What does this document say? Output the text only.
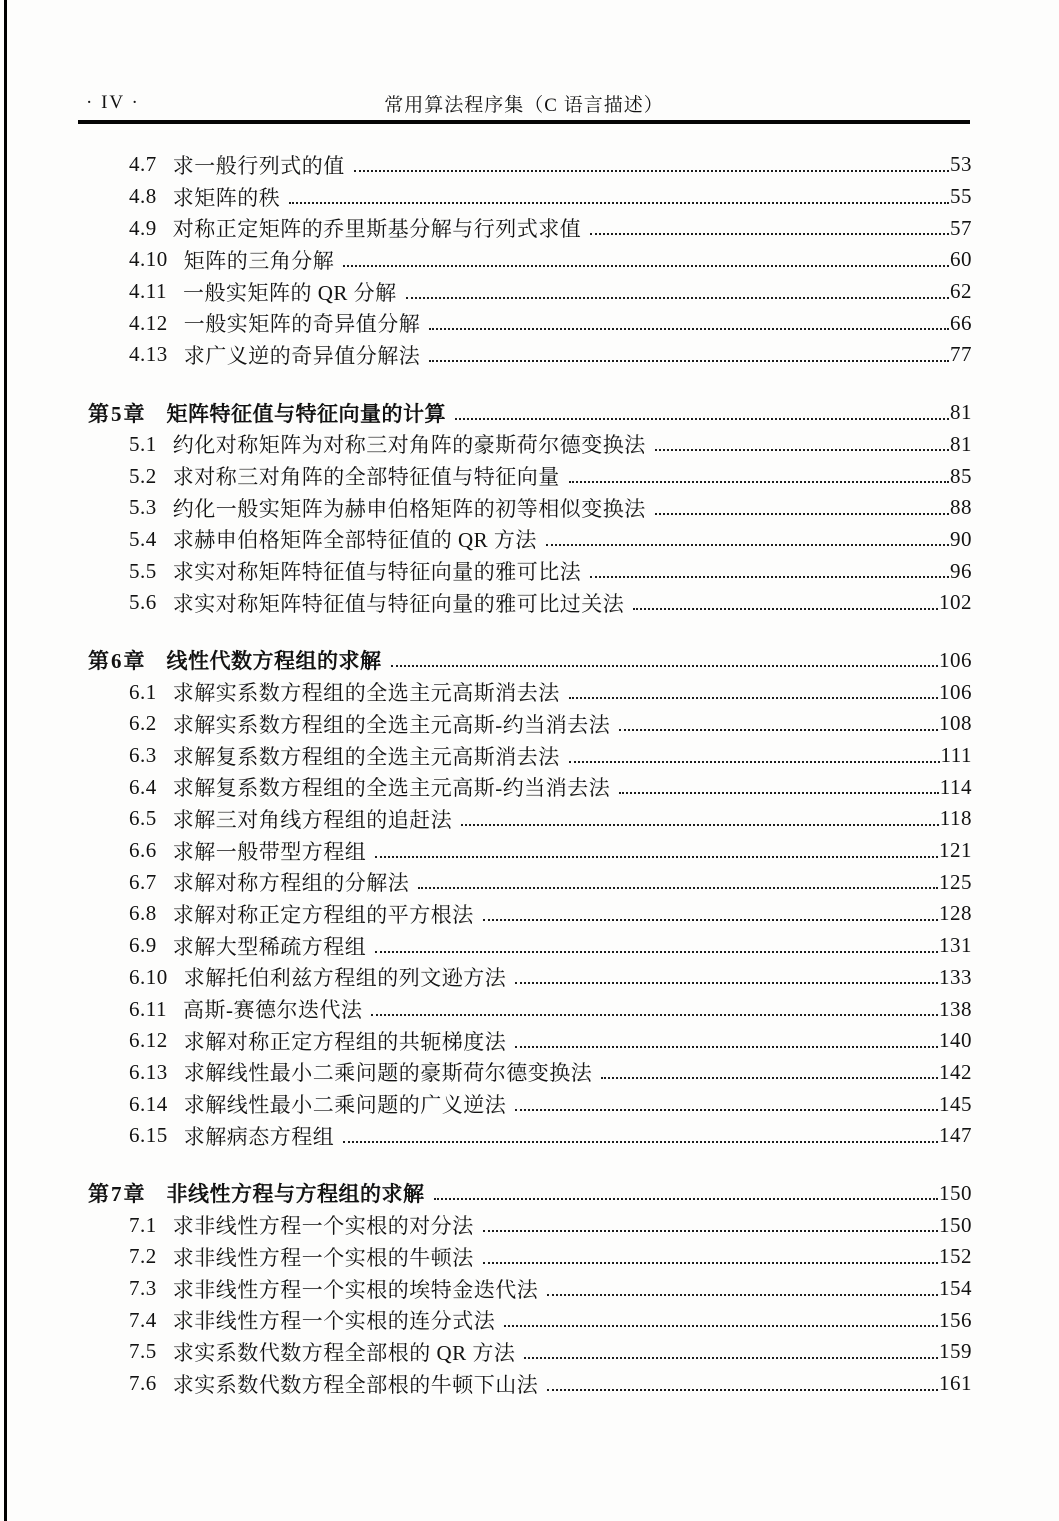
· IV ·	常用算法程序集（C 语言描述）
4.7 求一般行列式的值	53
4.8 求矩阵的秩	55
4.9 对称正定矩阵的乔里斯基分解与行列式求值	57
4.10 矩阵的三角分解	60
4.11 一般实矩阵的 QR 分解	62
4.12 一般实矩阵的奇异值分解	66
4.13 求广义逆的奇异值分解法	77
第5章 矩阵特征值与特征向量的计算	81
5.1 约化对称矩阵为对称三对角阵的豪斯荷尔德变换法	81
5.2 求对称三对角阵的全部特征值与特征向量	85
5.3 约化一般实矩阵为赫申伯格矩阵的初等相似变换法	88
5.4 求赫申伯格矩阵全部特征值的 QR 方法	90
5.5 求实对称矩阵特征值与特征向量的雅可比法	96
5.6 求实对称矩阵特征值与特征向量的雅可比过关法	102
第6章 线性代数方程组的求解	106
6.1 求解实系数方程组的全选主元高斯消去法	106
6.2 求解实系数方程组的全选主元高斯-约当消去法	108
6.3 求解复系数方程组的全选主元高斯消去法	111
6.4 求解复系数方程组的全选主元高斯-约当消去法	114
6.5 求解三对角线方程组的追赶法	118
6.6 求解一般带型方程组	121
6.7 求解对称方程组的分解法	125
6.8 求解对称正定方程组的平方根法	128
6.9 求解大型稀疏方程组	131
6.10 求解托伯利兹方程组的列文逊方法	133
6.11 高斯-赛德尔迭代法	138
6.12 求解对称正定方程组的共轭梯度法	140
6.13 求解线性最小二乘问题的豪斯荷尔德变换法	142
6.14 求解线性最小二乘问题的广义逆法	145
6.15 求解病态方程组	147
第7章 非线性方程与方程组的求解	150
7.1 求非线性方程一个实根的对分法	150
7.2 求非线性方程一个实根的牛顿法	152
7.3 求非线性方程一个实根的埃特金迭代法	154
7.4 求非线性方程一个实根的连分式法	156
7.5 求实系数代数方程全部根的 QR 方法	159
7.6 求实系数代数方程全部根的牛顿下山法	161
